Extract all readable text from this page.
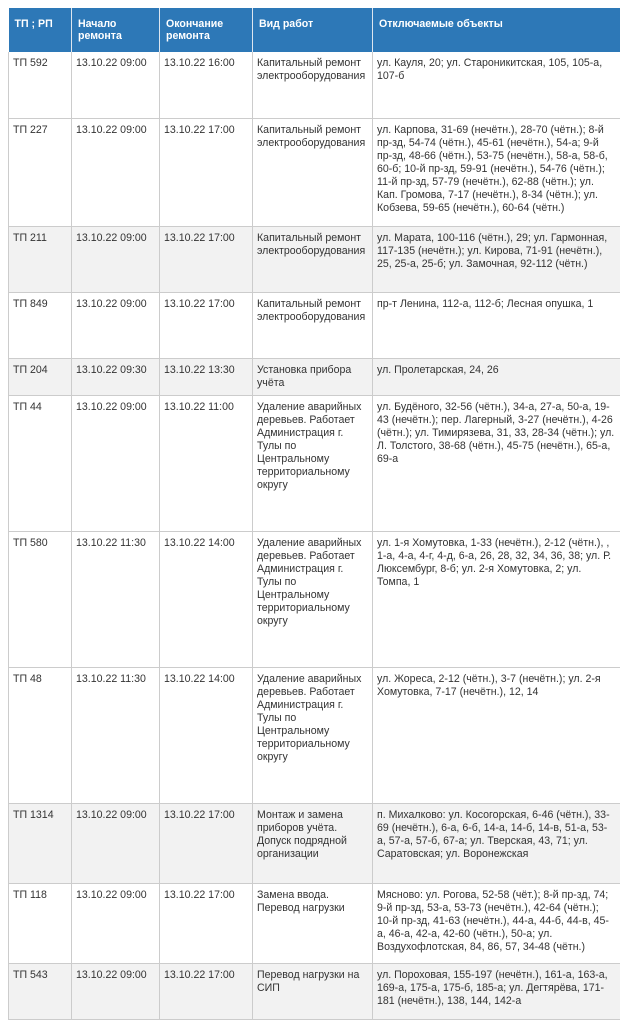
ТП ; РП	Начало ремонта	Окончание ремонта	Вид работ	Отключаемые объекты
ТП 592	13.10.22 09:00	13.10.22 16:00	Капитальный ремонт электрооборудования	ул. Кауля, 20; ул. Староникитская, 105, 105-а, 107-б
ТП 227	13.10.22 09:00	13.10.22 17:00	Капитальный ремонт электрооборудования	ул. Карпова, 31-69 (нечётн.), 28-70 (чётн.); 8-й пр-зд, 54-74 (чётн.), 45-61 (нечётн.), 54-а; 9-й пр-зд, 48-66 (чётн.), 53-75 (нечётн.), 58-а, 58-б, 60-б; 10-й пр-зд, 59-91 (нечётн.), 54-76 (чётн.); 11-й пр-зд, 57-79 (нечётн.), 62-88 (чётн.); ул. Кап. Громова, 7-17 (нечётн.), 8-34 (чётн.); ул. Кобзева, 59-65 (нечётн.), 60-64 (чётн.)
ТП 211	13.10.22 09:00	13.10.22 17:00	Капитальный ремонт электрооборудования	ул. Марата, 100-116 (чётн.), 29; ул. Гармонная, 117-135 (нечётн.); ул. Кирова, 71-91 (нечётн.), 25, 25-а, 25-б; ул. Замочная, 92-112 (чётн.)
ТП 849	13.10.22 09:00	13.10.22 17:00	Капитальный ремонт электрооборудования	пр-т Ленина, 112-а, 112-б; Лесная опушка, 1
ТП 204	13.10.22 09:30	13.10.22 13:30	Установка прибора учёта	ул. Пролетарская, 24, 26
ТП 44	13.10.22 09:00	13.10.22 11:00	Удаление аварийных деревьев. Работает Администрация г. Тулы по Центральному территориальному округу	ул. Будёного, 32-56 (чётн.), 34-а, 27-а, 50-а, 19-43 (нечётн.); пер. Лагерный, 3-27 (нечётн.), 4-26 (чётн.); ул. Тимирязева, 31, 33, 28-34 (чётн.); ул. Л. Толстого, 38-68 (чётн.), 45-75 (нечётн.), 65-а, 69-а
ТП 580	13.10.22 11:30	13.10.22 14:00	Удаление аварийных деревьев. Работает Администрация г. Тулы по Центральному территориальному округу	ул. 1-я Хомутовка, 1-33 (нечётн.), 2-12 (чётн.), , 1-а, 4-а, 4-г, 4-д, 6-а, 26, 28, 32, 34, 36, 38; ул. Р. Люксембург, 8-б; ул. 2-я Хомутовка, 2; ул. Томпа, 1
ТП 48	13.10.22 11:30	13.10.22 14:00	Удаление аварийных деревьев. Работает Администрация г. Тулы по Центральному территориальному округу	ул. Жореса, 2-12 (чётн.), 3-7 (нечётн.); ул. 2-я Хомутовка, 7-17 (нечётн.), 12, 14
ТП 1314	13.10.22 09:00	13.10.22 17:00	Монтаж и замена приборов учёта. Допуск подрядной организации	п. Михалково: ул. Косогорская, 6-46 (чётн.), 33-69 (нечётн.), 6-а, 6-б, 14-а, 14-б, 14-в, 51-а, 53-а, 57-а, 57-б, 67-а; ул. Тверская, 43, 71; ул. Саратовская; ул. Воронежская
ТП 118	13.10.22 09:00	13.10.22 17:00	Замена ввода. Перевод нагрузки	Мясново: ул. Рогова, 52-58 (чёт.); 8-й пр-зд, 74; 9-й пр-зд, 53-а, 53-73 (нечётн.), 42-64 (чётн.); 10-й пр-зд, 41-63 (нечётн.), 44-а, 44-б, 44-в, 45-а, 46-а, 42-а, 42-60 (чётн.), 50-а; ул. Воздухофлотская, 84, 86, 57, 34-48 (чётн.)
ТП 543	13.10.22 09:00	13.10.22 17:00	Перевод нагрузки на СИП	ул. Пороховая, 155-197 (нечётн.), 161-а, 163-а, 169-а, 175-а, 175-б, 185-а; ул. Дегтярёва, 171-181 (нечётн.), 138, 144, 142-а
